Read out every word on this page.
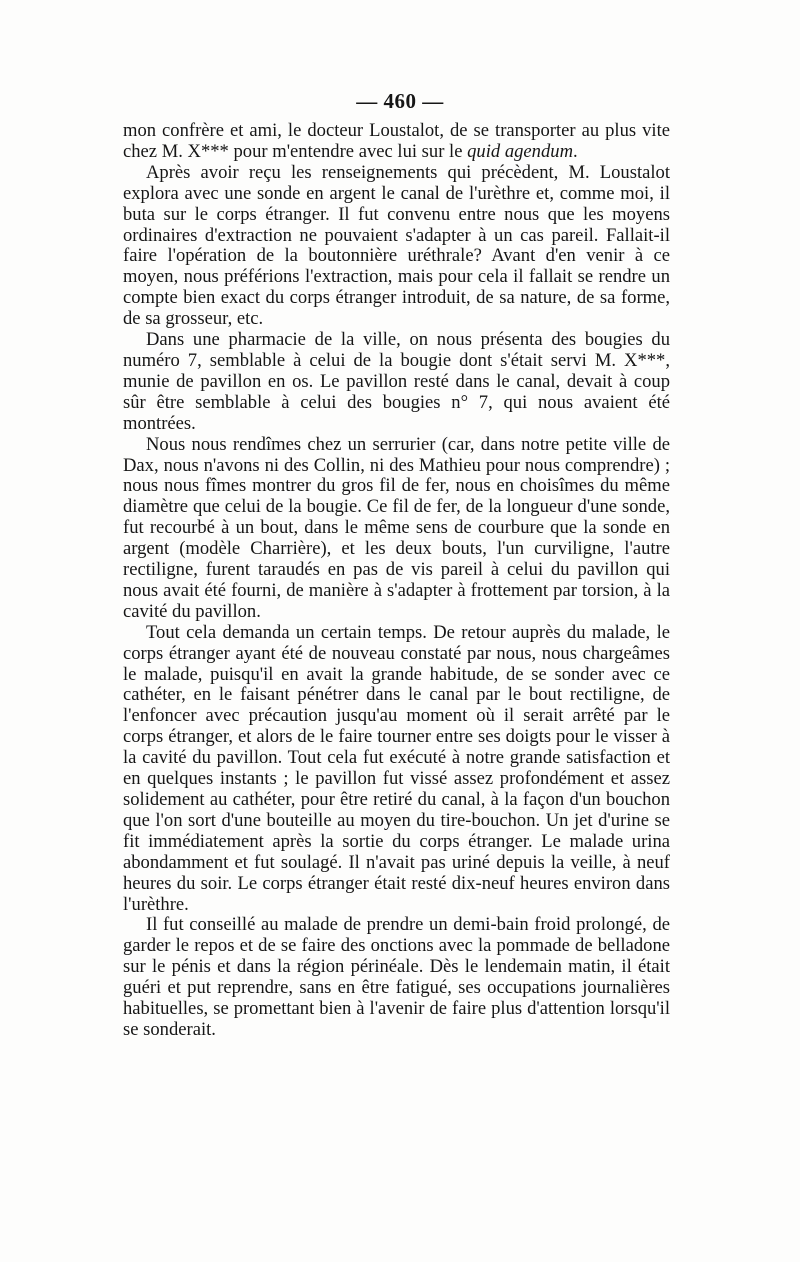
— 460 —

mon confrère et ami, le docteur Loustalot, de se transporter au plus vite chez M. X*** pour m'entendre avec lui sur le quid agendum.

Après avoir reçu les renseignements qui précèdent, M. Loustalot explora avec une sonde en argent le canal de l'urèthre et, comme moi, il buta sur le corps étranger. Il fut convenu entre nous que les moyens ordinaires d'extraction ne pouvaient s'adapter à un cas pareil. Fallait-il faire l'opération de la boutonnière uréthrale? Avant d'en venir à ce moyen, nous préférions l'extraction, mais pour cela il fallait se rendre un compte bien exact du corps étranger introduit, de sa nature, de sa forme, de sa grosseur, etc.

Dans une pharmacie de la ville, on nous présenta des bougies du numéro 7, semblable à celui de la bougie dont s'était servi M. X***, munie de pavillon en os. Le pavillon resté dans le canal, devait à coup sûr être semblable à celui des bougies n° 7, qui nous avaient été montrées.

Nous nous rendîmes chez un serrurier (car, dans notre petite ville de Dax, nous n'avons ni des Collin, ni des Mathieu pour nous comprendre) ; nous nous fîmes montrer du gros fil de fer, nous en choisîmes du même diamètre que celui de la bougie. Ce fil de fer, de la longueur d'une sonde, fut recourbé à un bout, dans le même sens de courbure que la sonde en argent (modèle Charrière), et les deux bouts, l'un curviligne, l'autre rectiligne, furent taraudés en pas de vis pareil à celui du pavillon qui nous avait été fourni, de manière à s'adapter à frottement par torsion, à la cavité du pavillon.

Tout cela demanda un certain temps. De retour auprès du malade, le corps étranger ayant été de nouveau constaté par nous, nous chargeâmes le malade, puisqu'il en avait la grande habitude, de se sonder avec ce cathéter, en le faisant pénétrer dans le canal par le bout rectiligne, de l'enfoncer avec précaution jusqu'au moment où il serait arrêté par le corps étranger, et alors de le faire tourner entre ses doigts pour le visser à la cavité du pavillon. Tout cela fut exécuté à notre grande satisfaction et en quelques instants ; le pavillon fut vissé assez profondément et assez solidement au cathéter, pour être retiré du canal, à la façon d'un bouchon que l'on sort d'une bouteille au moyen du tire-bouchon. Un jet d'urine se fit immédiatement après la sortie du corps étranger. Le malade urina abondamment et fut soulagé. Il n'avait pas uriné depuis la veille, à neuf heures du soir. Le corps étranger était resté dix-neuf heures environ dans l'urèthre.

Il fut conseillé au malade de prendre un demi-bain froid prolongé, de garder le repos et de se faire des onctions avec la pommade de belladone sur le pénis et dans la région périnéale. Dès le lendemain matin, il était guéri et put reprendre, sans en être fatigué, ses occupations journalières habituelles, se promettant bien à l'avenir de faire plus d'attention lorsqu'il se sonderait.
